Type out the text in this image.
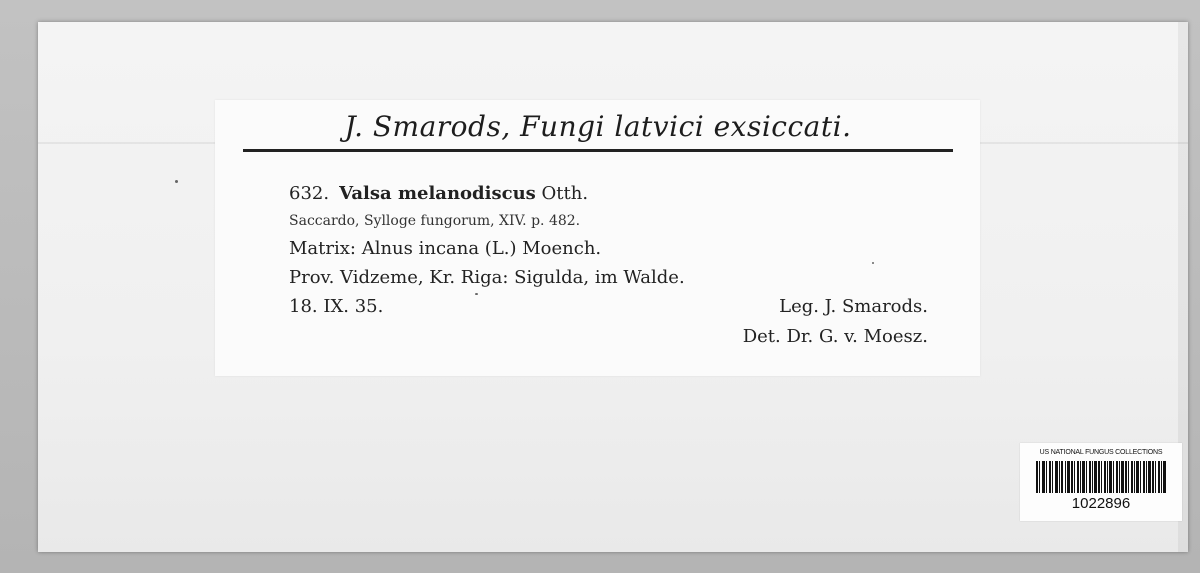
J. Smarods, Fungi latvici exsiccati.
632. Valsa melanodiscus Otth.
Saccardo, Sylloge fungorum, XIV. p. 482.
Matrix: Alnus incana (L.) Moench.
Prov. Vidzeme, Kr. Riga: Sigulda, im Walde.
18. IX. 35.	Leg. J. Smarods.
Det. Dr. G. v. Moesz.
US NATIONAL FUNGUS COLLECTIONS
1022896
